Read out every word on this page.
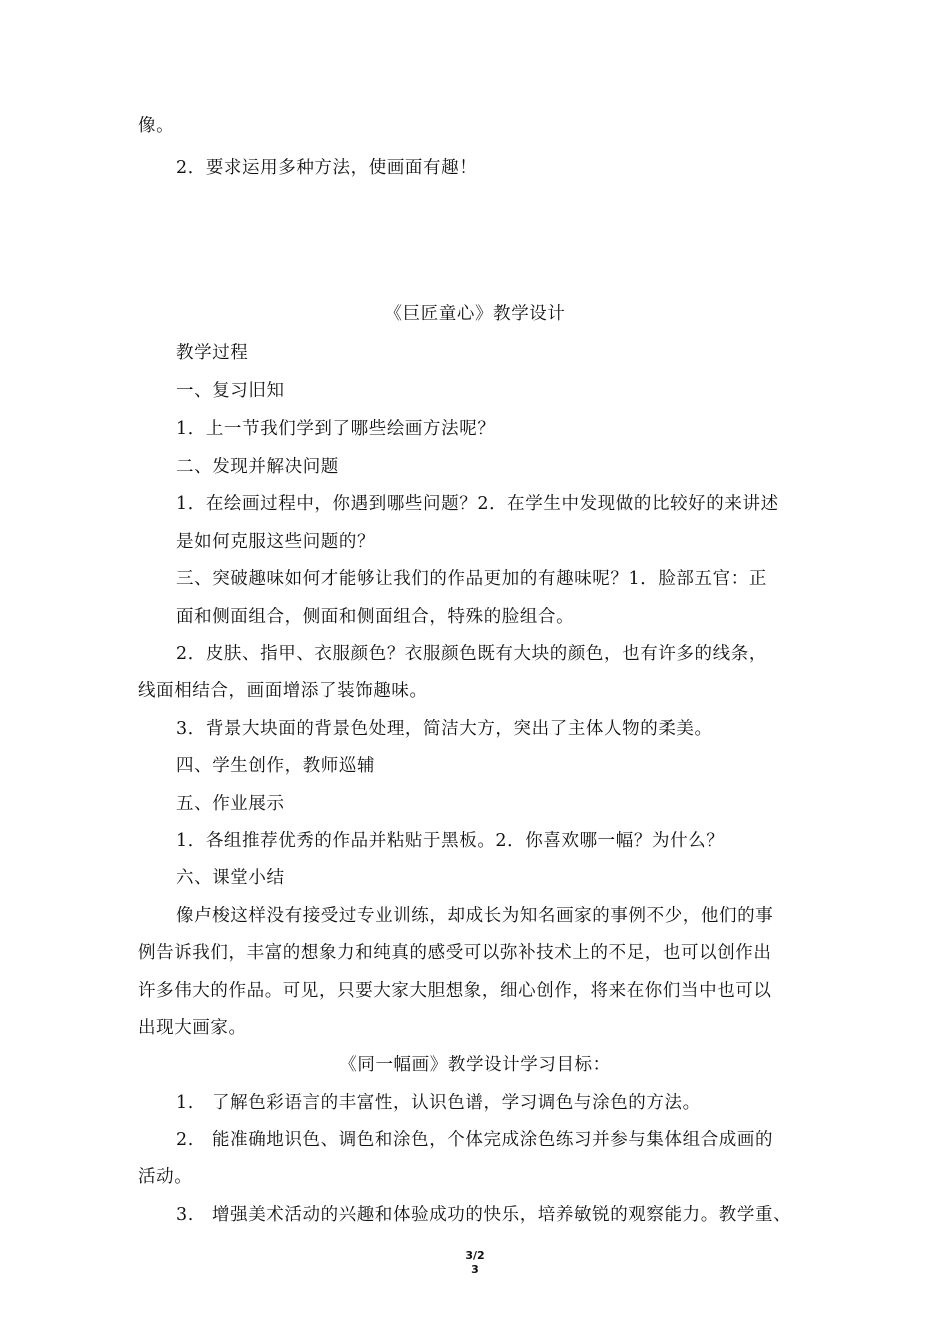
像。
2．要求运用多种方法，使画面有趣！
《巨匠童心》教学设计
教学过程
一、复习旧知
1．上一节我们学到了哪些绘画方法呢？
二、发现并解决问题
1．在绘画过程中，你遇到哪些问题？2．在学生中发现做的比较好的来讲述
是如何克服这些问题的？
三、突破趣味如何才能够让我们的作品更加的有趣味呢？1．脸部五官：正
面和侧面组合，侧面和侧面组合，特殊的脸组合。
2．皮肤、指甲、衣服颜色？衣服颜色既有大块的颜色，也有许多的线条，
线面相结合，画面增添了装饰趣味。
3．背景大块面的背景色处理，简洁大方，突出了主体人物的柔美。
四、学生创作，教师巡辅
五、作业展示
1．各组推荐优秀的作品并粘贴于黑板。2．你喜欢哪一幅？为什么？
六、课堂小结
像卢梭这样没有接受过专业训练，却成长为知名画家的事例不少，他们的事
例告诉我们，丰富的想象力和纯真的感受可以弥补技术上的不足，也可以创作出
许多伟大的作品。可见，只要大家大胆想象，细心创作，将来在你们当中也可以
出现大画家。
《同一幅画》教学设计学习目标：
1.　了解色彩语言的丰富性，认识色谱，学习调色与涂色的方法。
2.　能准确地识色、调色和涂色，个体完成涂色练习并参与集体组合成画的
活动。
3.　增强美术活动的兴趣和体验成功的快乐，培养敏锐的观察能力。教学重、
3/2
3
